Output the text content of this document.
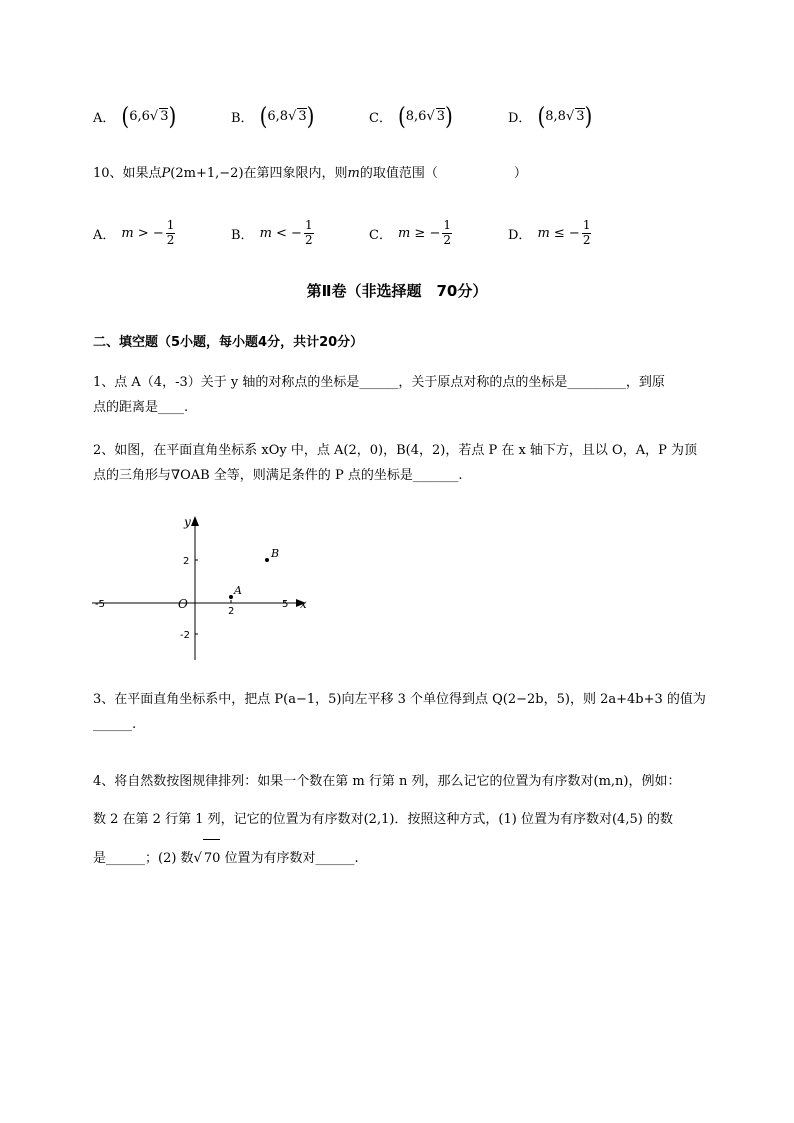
A． ( 6,6 √ 3 )	B． ( 6,8 √ 3 )	C． ( 8,6 √ 3 )	D． ( 8,8 √ 3 )
10、如果点P(2m+1,−2)在第四象限内，则m的取值范围（	）
A． m
> − $\frac{1}{2}$	B． m
< − $\frac{1}{2}$	C． m
≥ − $\frac{1}{2}$	D． m
≤ − $\frac{1}{2}$
第Ⅱ卷（非选择题　70分）
二、填空题（5小题，每小题4分，共计20分）
1、点 A（4，-3）关于 y 轴的对称点的坐标是______，关于原点对称的点的坐标是_________，到原
点的距离是____.
2、如图，在平面直角坐标系 xOy 中，点 A(2，0)，B(4，2)，若点 P 在 x 轴下方，且以 O，A，P 为顶
点的三角形与∇OAB 全等，则满足条件的 P 点的坐标是_______.
y
x
O
-5
2
5
2
-2
A
B
3、在平面直角坐标系中，把点 P(a−1，5)向左平移 3 个单位得到点 Q(2−2b，5)，则 2a+4b+3 的值为
______.
4、将自然数按图规律排列：如果一个数在第 m 行第 n 列，那么记它的位置为有序数对(m,n)，例如：
数 2 在第 2 行第 1 列，记它的位置为有序数对(2,1)．按照这种方式，(1) 位置为有序数对(4,5) 的数
是______；(2) 数√ 70 位置为有序数对______.
